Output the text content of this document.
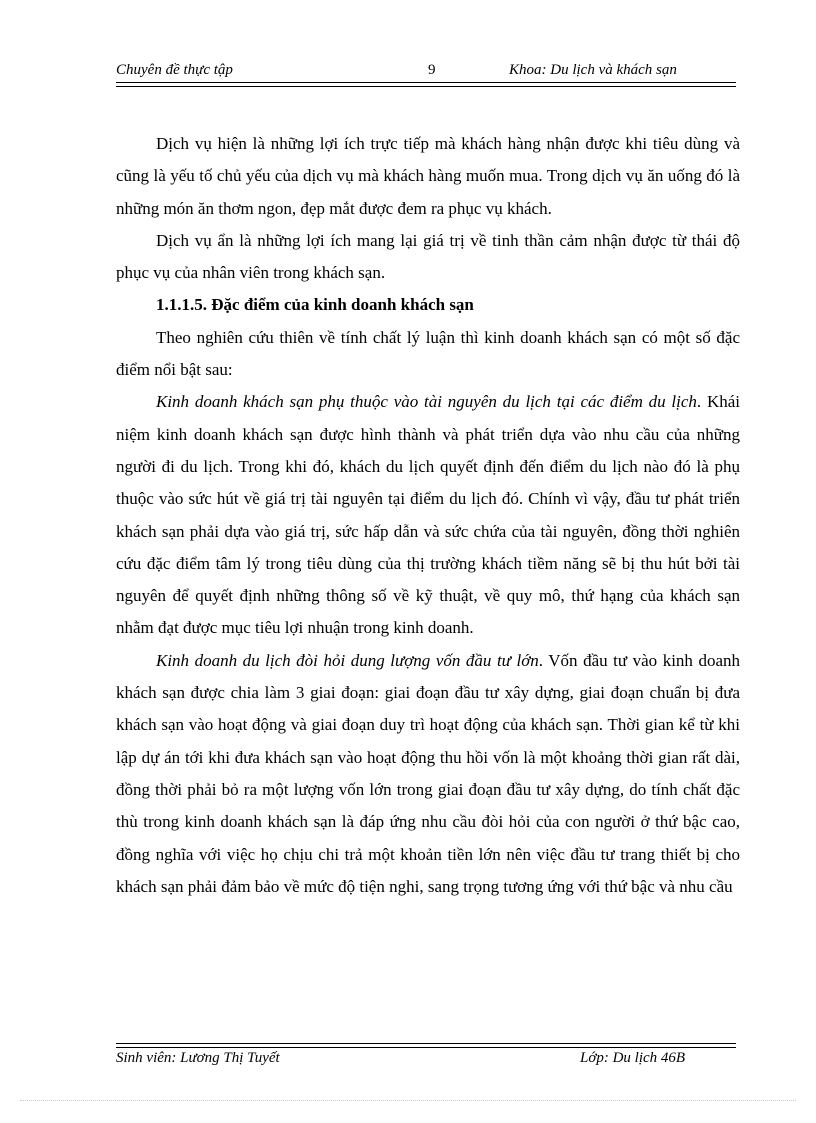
Chuyên đề thực tập	9	Khoa: Du lịch và khách sạn

Dịch vụ hiện là những lợi ích trực tiếp mà khách hàng nhận được khi tiêu dùng và cũng là yếu tố chủ yếu của dịch vụ mà khách hàng muốn mua. Trong dịch vụ ăn uống đó là những món ăn thơm ngon, đẹp mắt được đem ra phục vụ khách.

Dịch vụ ẩn là những lợi ích mang lại giá trị về tinh thần cảm nhận được từ thái độ phục vụ của nhân viên trong khách sạn.

1.1.1.5. Đặc điểm của kinh doanh khách sạn

Theo nghiên cứu thiên về tính chất lý luận thì kinh doanh khách sạn có một số đặc điểm nổi bật sau:

Kinh doanh khách sạn phụ thuộc vào tài nguyên du lịch tại các điểm du lịch. Khái niệm kinh doanh khách sạn được hình thành và phát triển dựa vào nhu cầu của những người đi du lịch. Trong khi đó, khách du lịch quyết định đến điểm du lịch nào đó là phụ thuộc vào sức hút về giá trị tài nguyên tại điểm du lịch đó. Chính vì vậy, đầu tư phát triển khách sạn phải dựa vào giá trị, sức hấp dẫn và sức chứa của tài nguyên, đồng thời nghiên cứu đặc điểm tâm lý trong tiêu dùng của thị trường khách tiềm năng sẽ bị thu hút bởi tài nguyên để quyết định những thông số về kỹ thuật, về quy mô, thứ hạng của khách sạn nhằm đạt được mục tiêu lợi nhuận trong kinh doanh.

Kinh doanh du lịch đòi hỏi dung lượng vốn đầu tư lớn. Vốn đầu tư vào kinh doanh khách sạn được chia làm 3 giai đoạn: giai đoạn đầu tư xây dựng, giai đoạn chuẩn bị đưa khách sạn vào hoạt động và giai đoạn duy trì hoạt động của khách sạn. Thời gian kể từ khi lập dự án tới khi đưa khách sạn vào hoạt động thu hồi vốn là một khoảng thời gian rất dài, đồng thời phải bỏ ra một lượng vốn lớn trong giai đoạn đầu tư xây dựng, do tính chất đặc thù trong kinh doanh khách sạn là đáp ứng nhu cầu đòi hỏi của con người ở thứ bậc cao, đồng nghĩa với việc họ chịu chi trả một khoản tiền lớn nên việc đầu tư trang thiết bị cho khách sạn phải đảm bảo về mức độ tiện nghi, sang trọng tương ứng với thứ bậc và nhu cầu

Sinh viên: Lương Thị Tuyết	Lớp: Du lịch 46B
